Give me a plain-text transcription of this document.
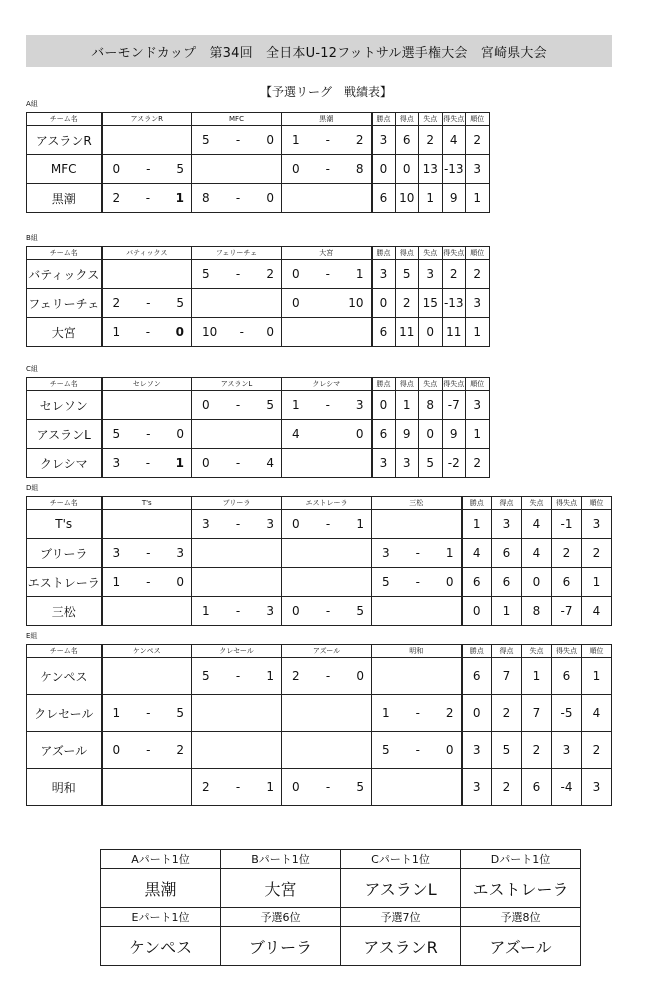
バーモンドカップ　第34回　全日本U-12フットサル選手権大会　宮崎県大会
【予選リーグ　戦績表】
A組
チーム名	アスランR	MFC	黒潮	勝点	得点	失点	得失点	順位
アスランR		5 - 0	1 - 2	3	6	2	4	2
MFC	0 - 5		0 - 8	0	0	13	-13	3
黒潮	2 - 1	8 - 0		6	10	1	9	1
B組
チーム名	バティックス	フェリーチェ	大宮	勝点	得点	失点	得失点	順位
バティックス		5 - 2	0 - 1	3	5	3	2	2
フェリーチェ	2 - 5		0 10	0	2	15	-13	3
大宮	1 - 0	10 - 0		6	11	0	11	1
C組
チーム名	セレソン	アスランL	クレシマ	勝点	得点	失点	得失点	順位
セレソン		0 - 5	1 - 3	0	1	8	-7	3
アスランL	5 - 0		4 0	6	9	0	9	1
クレシマ	3 - 1	0 - 4		3	3	5	-2	2
D組
チーム名	T's	ブリーラ	エストレーラ	三松	勝点	得点	失点	得失点	順位
T's		3 - 3	0 - 1		1	3	4	-1	3
ブリーラ	3 - 3			3 - 1	4	6	4	2	2
エストレーラ	1 - 0			5 - 0	6	6	0	6	1
三松		1 - 3	0 - 5		0	1	8	-7	4
E組
チーム名	ケンペス	クレセール	アズール	明和	勝点	得点	失点	得失点	順位
ケンペス		5 - 1	2 - 0		6	7	1	6	1
クレセール	1 - 5			1 - 2	0	2	7	-5	4
アズール	0 - 2			5 - 0	3	5	2	3	2
明和		2 - 1	0 - 5		3	2	6	-4	3
Aパート1位	Bパート1位	Cパート1位	Dパート1位
黒潮	大宮	アスランL	エストレーラ
Eパート1位	予選6位	予選7位	予選8位
ケンペス	ブリーラ	アスランR	アズール
